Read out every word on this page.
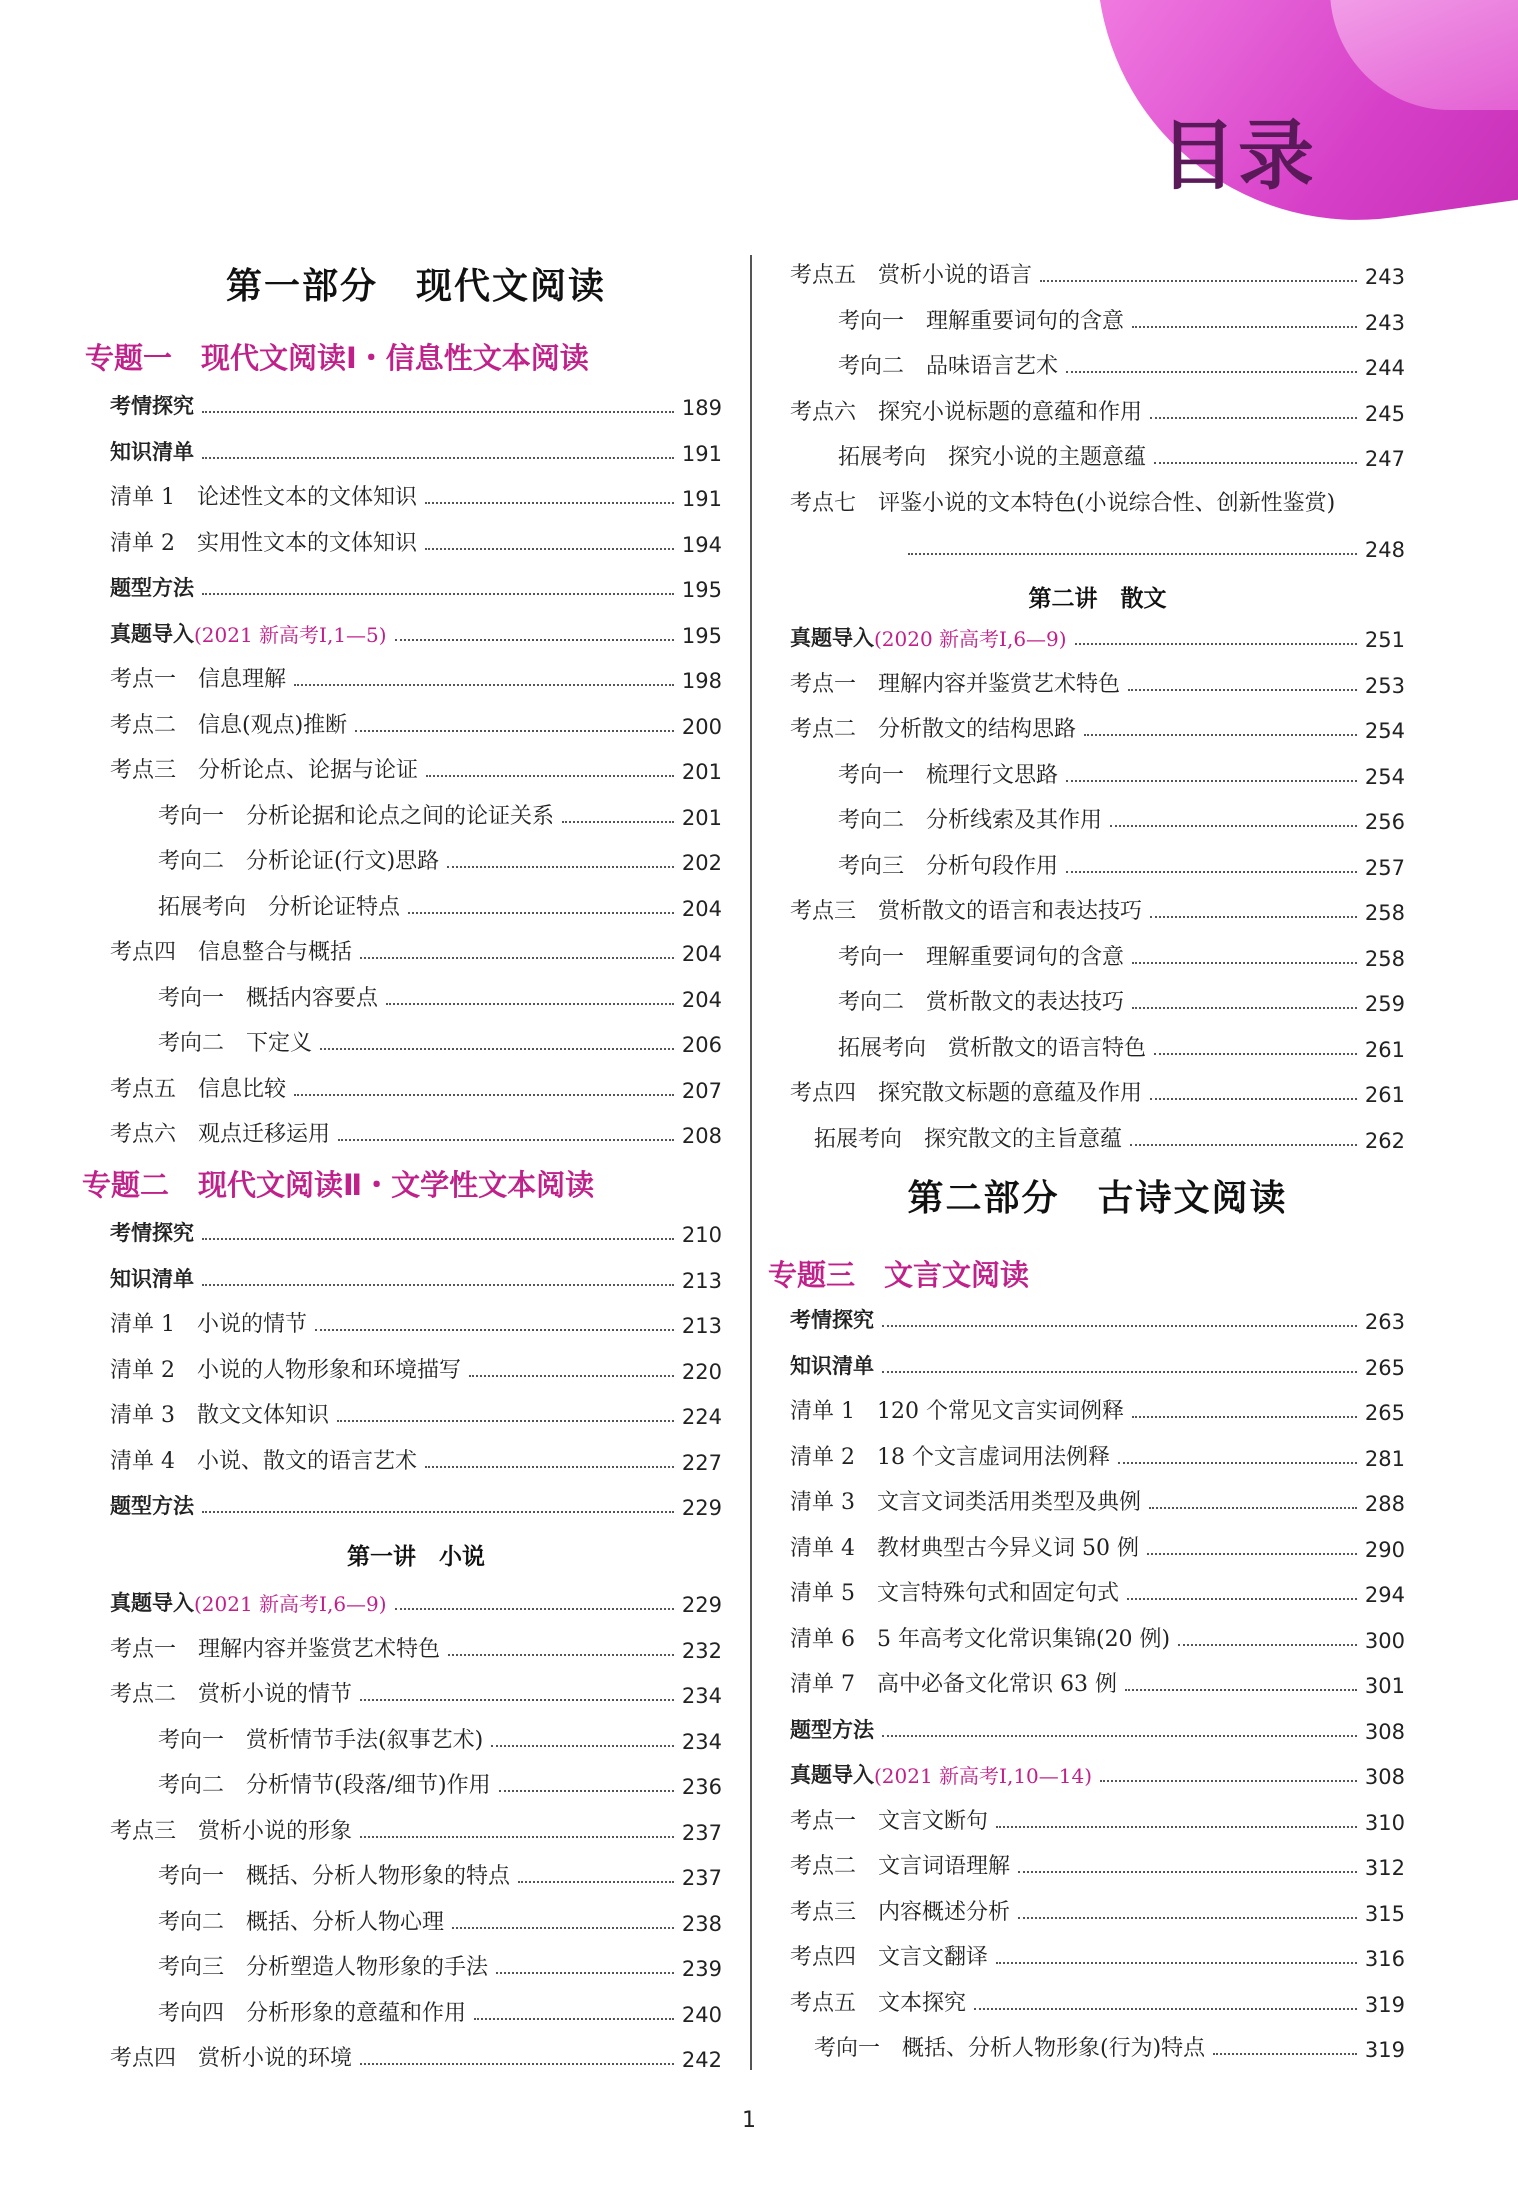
目录
第一部分　现代文阅读
专题一　现代文阅读Ⅰ・信息性文本阅读
考情探究	189
知识清单	191
清单 1　论述性文本的文体知识	191
清单 2　实用性文本的文体知识	194
题型方法	195
真题导入 (2021 新高考Ⅰ,1—5)	195
考点一　信息理解	198
考点二　信息(观点)推断	200
考点三　分析论点、论据与论证	201
考向一　分析论据和论点之间的论证关系	201
考向二　分析论证(行文)思路	202
拓展考向　分析论证特点	204
考点四　信息整合与概括	204
考向一　概括内容要点	204
考向二　下定义	206
考点五　信息比较	207
考点六　观点迁移运用	208
专题二　现代文阅读Ⅱ・文学性文本阅读
考情探究	210
知识清单	213
清单 1　小说的情节	213
清单 2　小说的人物形象和环境描写	220
清单 3　散文文体知识	224
清单 4　小说、散文的语言艺术	227
题型方法	229
第一讲　小说
真题导入 (2021 新高考Ⅰ,6—9)	229
考点一　理解内容并鉴赏艺术特色	232
考点二　赏析小说的情节	234
考向一　赏析情节手法(叙事艺术)	234
考向二　分析情节(段落/细节)作用	236
考点三　赏析小说的形象	237
考向一　概括、分析人物形象的特点	237
考向二　概括、分析人物心理	238
考向三　分析塑造人物形象的手法	239
考向四　分析形象的意蕴和作用	240
考点四　赏析小说的环境	242
考点五　赏析小说的语言	243
考向一　理解重要词句的含意	243
考向二　品味语言艺术	244
考点六　探究小说标题的意蕴和作用	245
拓展考向　探究小说的主题意蕴	247
考点七　评鉴小说的文本特色(小说综合性、创新性鉴赏)
248
第二讲　散文
真题导入 (2020 新高考Ⅰ,6—9)	251
考点一　理解内容并鉴赏艺术特色	253
考点二　分析散文的结构思路	254
考向一　梳理行文思路	254
考向二　分析线索及其作用	256
考向三　分析句段作用	257
考点三　赏析散文的语言和表达技巧	258
考向一　理解重要词句的含意	258
考向二　赏析散文的表达技巧	259
拓展考向　赏析散文的语言特色	261
考点四　探究散文标题的意蕴及作用	261
拓展考向　探究散文的主旨意蕴	262
第二部分　古诗文阅读
专题三　文言文阅读
考情探究	263
知识清单	265
清单 1　120 个常见文言实词例释	265
清单 2　18 个文言虚词用法例释	281
清单 3　文言文词类活用类型及典例	288
清单 4　教材典型古今异义词 50 例	290
清单 5　文言特殊句式和固定句式	294
清单 6　5 年高考文化常识集锦(20 例)	300
清单 7　高中必备文化常识 63 例	301
题型方法	308
真题导入 (2021 新高考Ⅰ,10—14)	308
考点一　文言文断句	310
考点二　文言词语理解	312
考点三　内容概述分析	315
考点四　文言文翻译	316
考点五　文本探究	319
考向一　概括、分析人物形象(行为)特点	319
1
